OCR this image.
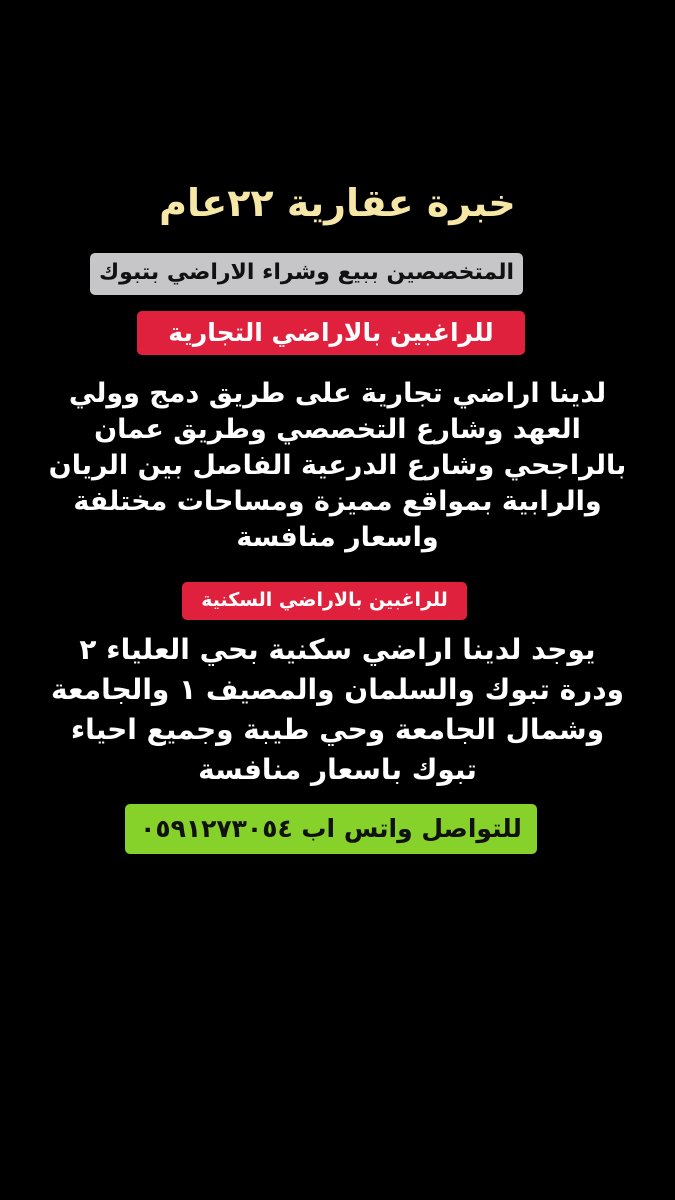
خبرة عقارية ٢٢عام
المتخصصين ببيع وشراء الاراضي بتبوك
للراغبين بالاراضي التجارية
لدينا اراضي تجارية على طريق دمج وولي
العهد وشارع التخصصي وطريق عمان
بالراجحي وشارع الدرعية الفاصل بين الريان
والرابية بمواقع مميزة ومساحات مختلفة
واسعار منافسة
للراغبين بالاراضي السكنية
يوجد لدينا اراضي سكنية بحي العلياء ٢
ودرة تبوك والسلمان والمصيف ١ والجامعة
وشمال الجامعة وحي طيبة وجميع احياء
تبوك باسعار منافسة
للتواصل واتس اب ٠٥٩١٢٧٣٠٥٤
